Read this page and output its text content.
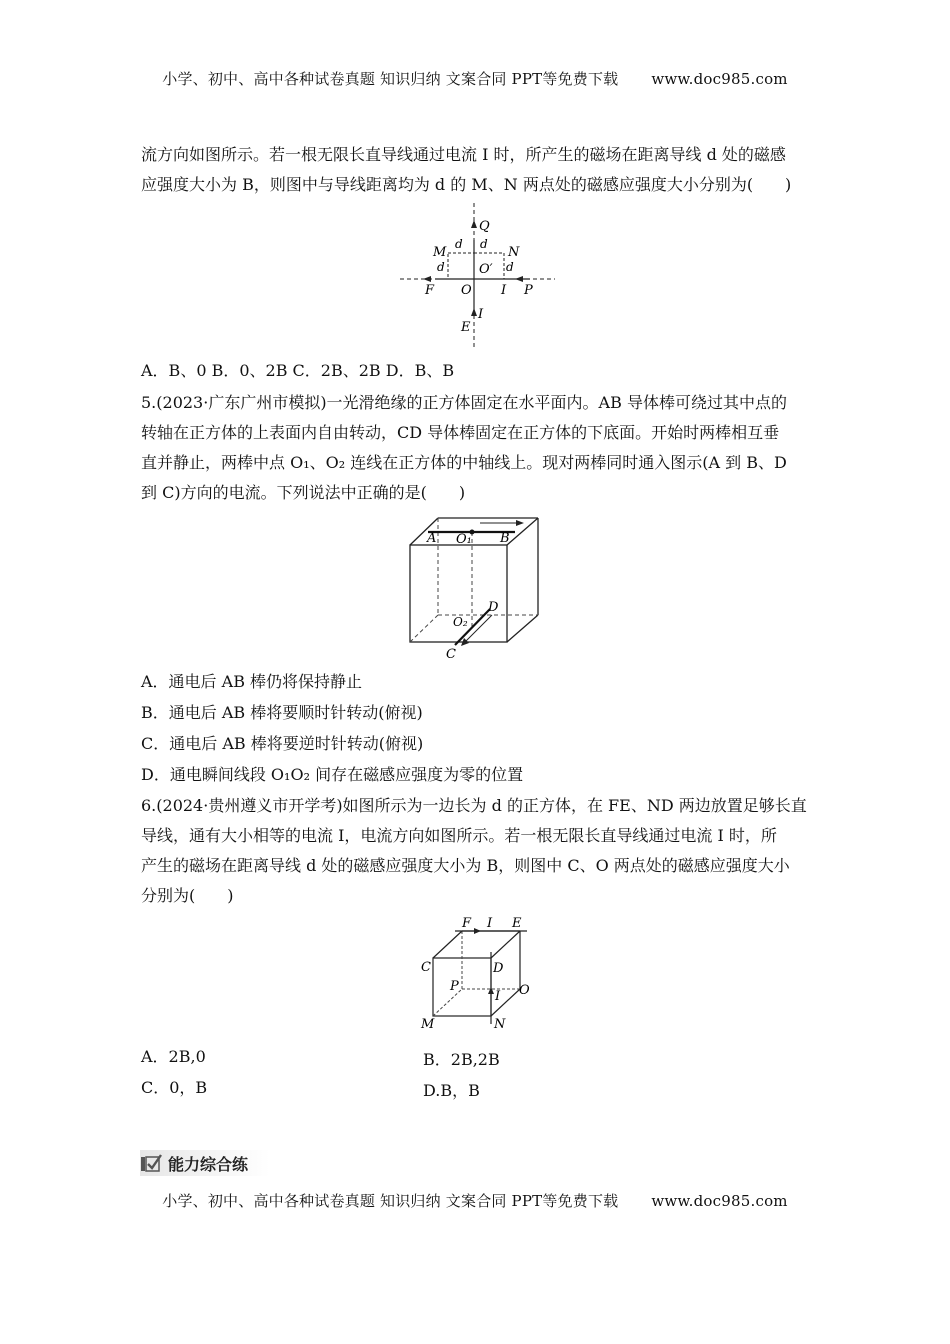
小学、初中、高中各种试卷真题 知识归纳 文案合同 PPT等免费下载 www.doc985.com
流方向如图所示。若一根无限长直导线通过电流 I 时，所产生的磁场在距离导线 d 处的磁感
应强度大小为 B，则图中与导线距离均为 d 的 M、N 两点处的磁感应强度大小分别为(　　)
Q
M
d d
N
d	O′ d
F O I P
I
E
A．B、0 B．0、2B C．2B、2B D．B、B
5.(2023·广东广州市模拟)一光滑绝缘的正方体固定在水平面内。AB 导体棒可绕过其中点的
转轴在正方体的上表面内自由转动，CD 导体棒固定在正方体的下底面。开始时两棒相互垂
直并静止，两棒中点 O₁、O₂ 连线在正方体的中轴线上。现对两棒同时通入图示(A 到 B、D
到 C)方向的电流。下列说法中正确的是(　　)
A O₁ B
D
O₂
C
A．通电后 AB 棒仍将保持静止
B．通电后 AB 棒将要顺时针转动(俯视)
C．通电后 AB 棒将要逆时针转动(俯视)
D．通电瞬间线段 O₁O₂ 间存在磁感应强度为零的位置
6.(2024·贵州遵义市开学考)如图所示为一边长为 d 的正方体，在 FE、ND 两边放置足够长直
导线，通有大小相等的电流 I，电流方向如图所示。若一根无限长直导线通过电流 I 时，所
产生的磁场在距离导线 d 处的磁感应强度大小为 B，则图中 C、O 两点处的磁感应强度大小
分别为(　　)
F I E
C	D
P
I O
M	N
A．2B,0	B．2B,2B
C．0，B	D.B，B
能力综合练
小学、初中、高中各种试卷真题 知识归纳 文案合同 PPT等免费下载 www.doc985.com
